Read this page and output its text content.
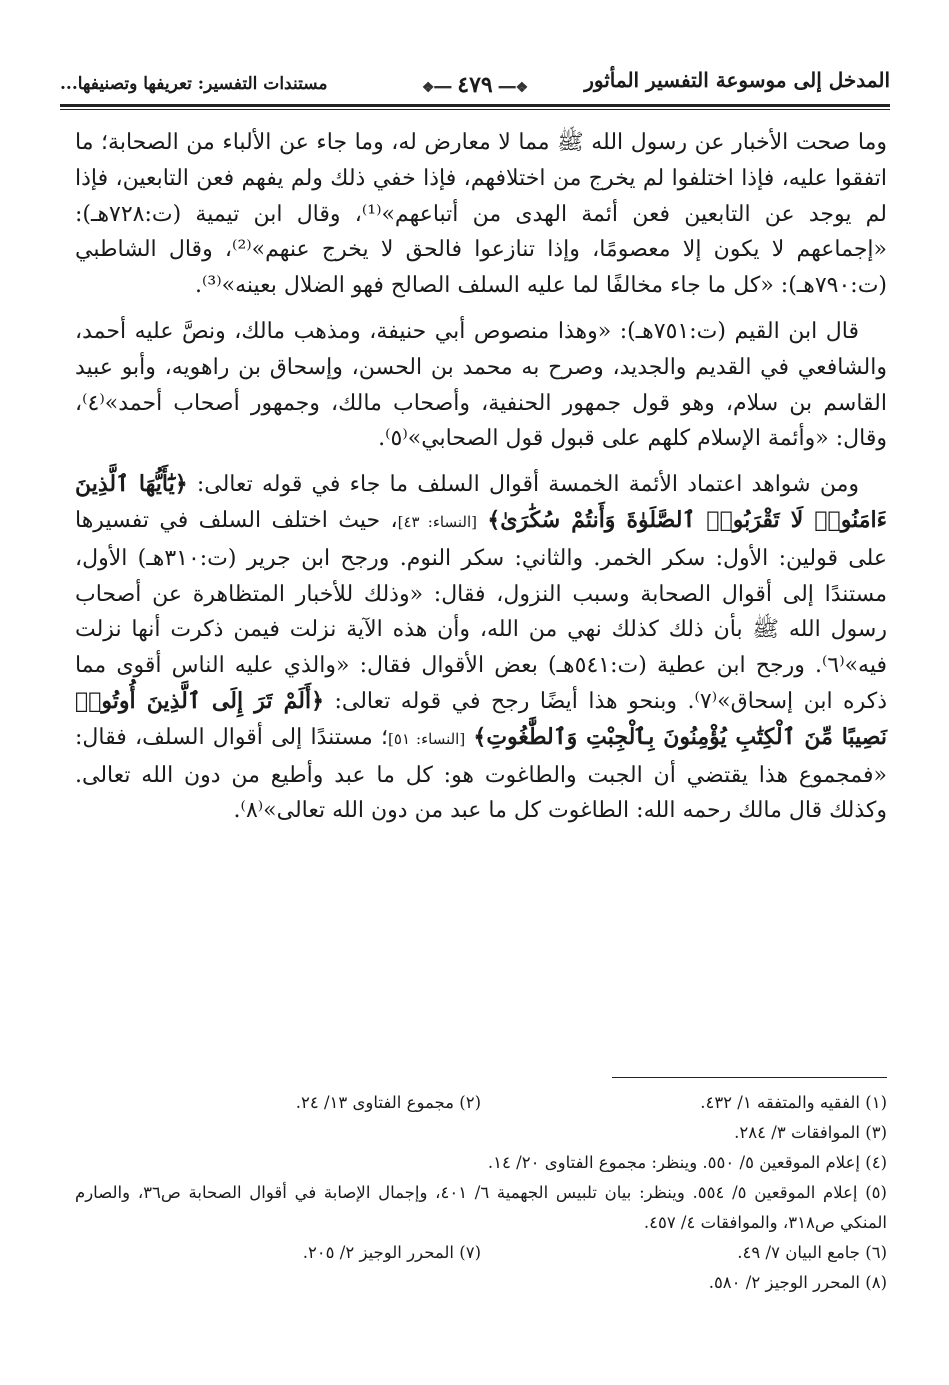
المدخل إلى موسوعة التفسير المأثور
❖━━٤٧٩━━❖
مستندات التفسير: تعريفها وتصنيفها...

وما صحت الأخبار عن رسول الله ﷺ مما لا معارض له، وما جاء عن الألباء من الصحابة؛ ما اتفقوا عليه، فإذا اختلفوا لم يخرج من اختلافهم، فإذا خفي ذلك ولم يفهم فعن التابعين، فإذا لم يوجد عن التابعين فعن أئمة الهدى من أتباعهم»⁽¹⁾، وقال ابن تيمية (ت:٧٢٨هـ): «إجماعهم لا يكون إلا معصومًا، وإذا تنازعوا فالحق لا يخرج عنهم»⁽²⁾، وقال الشاطبي (ت:٧٩٠هـ): «كل ما جاء مخالفًا لما عليه السلف الصالح فهو الضلال بعينه»⁽³⁾.

قال ابن القيم (ت:٧٥١هـ): «وهذا منصوص أبي حنيفة، ومذهب مالك، ونصَّ عليه أحمد، والشافعي في القديم والجديد، وصرح به محمد بن الحسن، وإسحاق بن راهويه، وأبو عبيد القاسم بن سلام، وهو قول جمهور الحنفية، وأصحاب مالك، وجمهور أصحاب أحمد»⁽٤⁾، وقال: «وأئمة الإسلام كلهم على قبول قول الصحابي»⁽٥⁾.

ومن شواهد اعتماد الأئمة الخمسة أقوال السلف ما جاء في قوله تعالى: ﴿يَٰٓأَيُّهَا ٱلَّذِينَ ءَامَنُوا۟ لَا تَقْرَبُوا۟ ٱلصَّلَوٰةَ وَأَنتُمْ سُكَٰرَىٰ﴾ [النساء: ٤٣]، حيث اختلف السلف في تفسيرها على قولين: الأول: سكر الخمر. والثاني: سكر النوم. ورجح ابن جرير (ت:٣١٠هـ) الأول، مستندًا إلى أقوال الصحابة وسبب النزول، فقال: «وذلك للأخبار المتظاهرة عن أصحاب رسول الله ﷺ بأن ذلك كذلك نهي من الله، وأن هذه الآية نزلت فيمن ذكرت أنها نزلت فيه»⁽٦⁾. ورجح ابن عطية (ت:٥٤١هـ) بعض الأقوال فقال: «والذي عليه الناس أقوى مما ذكره ابن إسحاق»⁽٧⁾. وبنحو هذا أيضًا رجح في قوله تعالى: ﴿أَلَمْ تَرَ إِلَى ٱلَّذِينَ أُوتُوا۟ نَصِيبًا مِّنَ ٱلْكِتَٰبِ يُؤْمِنُونَ بِٱلْجِبْتِ وَٱلطَّٰغُوتِ﴾ [النساء: ٥١]؛ مستندًا إلى أقوال السلف، فقال: «فمجموع هذا يقتضي أن الجبت والطاغوت هو: كل ما عبد وأطيع من دون الله تعالى. وكذلك قال مالك رحمه الله: الطاغوت كل ما عبد من دون الله تعالى»⁽٨⁾.

(١) الفقيه والمتفقه ١/ ٤٣٢.
(٢) مجموع الفتاوى ١٣/ ٢٤.
(٣) الموافقات ٣/ ٢٨٤.
(٤) إعلام الموقعين ٥/ ٥٥٠. وينظر: مجموع الفتاوى ٢٠/ ١٤.
(٥) إعلام الموقعين ٥/ ٥٥٤. وينظر: بيان تلبيس الجهمية ٦/ ٤٠١، وإجمال الإصابة في أقوال الصحابة ص٣٦، والصارم المنكي ص٣١٨، والموافقات ٤/ ٤٥٧.
(٦) جامع البيان ٧/ ٤٩.
(٧) المحرر الوجيز ٢/ ٢٠٥.
(٨) المحرر الوجيز ٢/ ٥٨٠.
